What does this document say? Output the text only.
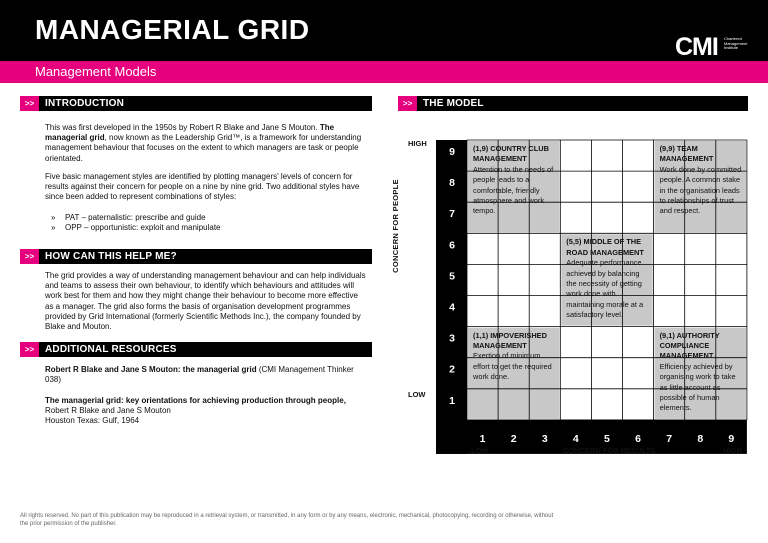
MANAGERIAL GRID
CMI Chartered Management Institute
Management Models
>>	INTRODUCTION

This was first developed in the 1950s by Robert R Blake and Jane S Mouton. The managerial grid, now known as the Leadership Grid™, is a framework for understanding management behaviour that focuses on the extent to which managers are task or people orientated.

Five basic management styles are identified by plotting managers' levels of concern for results against their concern for people on a nine by nine grid. Two additional styles have since been added to represent combinations of styles:

» PAT – paternalistic: prescribe and guide
» OPP – opportunistic: exploit and manipulate
>>	HOW CAN THIS HELP ME?

The grid provides a way of understanding management behaviour and can help individuals and teams to assess their own behaviour, to identify which behaviours and attitudes will work best for them and how they might change their behaviour to become more effective as a manager. The grid also forms the basis of organisation development programmes provided by Grid International (formerly Scientific Methods Inc.), the company founded by Blake and Mouton.

>>	ADDITIONAL RESOURCES

Robert R Blake and Jane S Mouton: the managerial grid (CMI Management Thinker 038)

The managerial grid: key orientations for achieving production through people, Robert R Blake and Jane S Mouton
Houston Texas: Gulf, 1964

>>	THE MODEL
9
8
7
6
5
4
3
2
1
1 2 3 4 5 6 7 8 9
HIGH
LOW
LOW	HIGH
CONCERN FOR RESULTS

(1,9) COUNTRY CLUB MANAGEMENT
Attention to the needs of people leads to a comfortable, friendly atmosphere and work tempo.

(9,9) TEAM MANAGEMENT
Work done by committed people. A common stake in the organisation leads to relationships of trust and respect.

(5,5) MIDDLE OF THE ROAD MANAGEMENT
Adequate performance achieved by balancing the necessity of getting work done with maintaining morale at a satisfactory level.

(1,1) IMPOVERISHED MANAGEMENT
Exertion of minimum effort to get the required work done.

(9,1) AUTHORITY COMPLIANCE MANAGEMENT
Efficiency achieved by organising work to take as little account as possible of human elements.

CONCERN FOR PEOPLE

All rights reserved. No part of this publication may be reproduced in a retrieval system, or transmitted, in any form or by any means, electronic, mechanical, photocopying, recording or otherwise, without the prior permission of the publisher.
